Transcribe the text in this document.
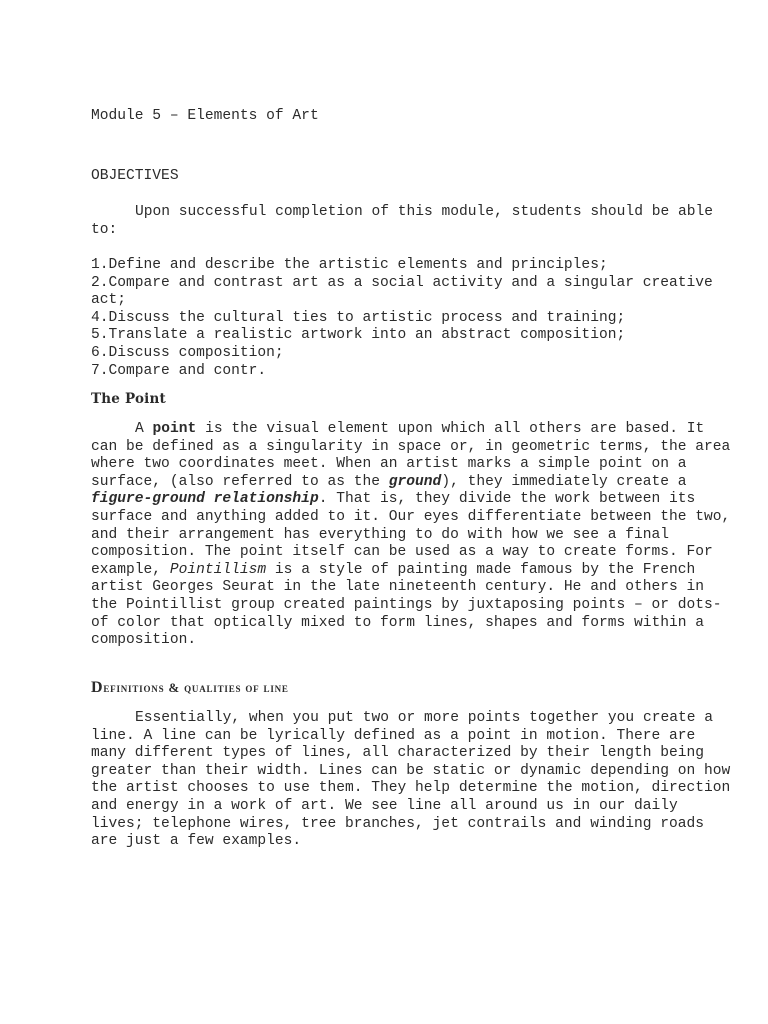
Module 5 – Elements of Art
OBJECTIVES

Upon successful completion of this module, students should be able to:

1.Define and describe the artistic elements and principles;
2.Compare and contrast art as a social activity and a singular creative act;
4.Discuss the cultural ties to artistic process and training;
5.Translate a realistic artwork into an abstract composition;
6.Discuss composition;
7.Compare and contr.
The Point

A point is the visual element upon which all others are based. It can be defined as a singularity in space or, in geometric terms, the area where two coordinates meet. When an artist marks a simple point on a surface, (also referred to as the ground), they immediately create a figure-ground relationship. That is, they divide the work between its surface and anything added to it. Our eyes differentiate between the two, and their arrangement has everything to do with how we see a final composition. The point itself can be used as a way to create forms. For example, Pointillism is a style of painting made famous by the French artist Georges Seurat in the late nineteenth century. He and others in the Pointillist group created paintings by juxtaposing points – or dots- of color that optically mixed to form lines, shapes and forms within a composition.

Definitions & qualities of line

Essentially, when you put two or more points together you create a line. A line can be lyrically defined as a point in motion. There are many different types of lines, all characterized by their length being greater than their width. Lines can be static or dynamic depending on how the artist chooses to use them. They help determine the motion, direction and energy in a work of art. We see line all around us in our daily lives; telephone wires, tree branches, jet contrails and winding roads are just a few examples.
